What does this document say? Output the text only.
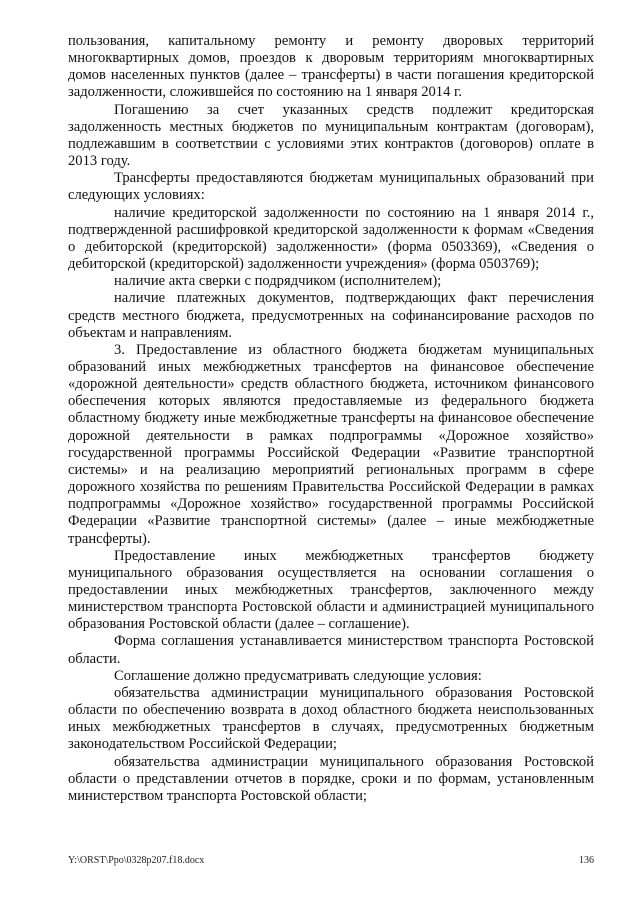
пользования, капитальному ремонту и ремонту дворовых территорий многоквартирных домов, проездов к дворовым территориям многоквартирных домов населенных пунктов (далее – трансферты) в части погашения кредиторской задолженности, сложившейся по состоянию на 1 января 2014 г.

Погашению за счет указанных средств подлежит кредиторская задолженность местных бюджетов по муниципальным контрактам (договорам), подлежавшим в соответствии с условиями этих контрактов (договоров) оплате в 2013 году.

Трансферты предоставляются бюджетам муниципальных образований при следующих условиях:

наличие кредиторской задолженности по состоянию на 1 января 2014 г., подтвержденной расшифровкой кредиторской задолженности к формам «Сведения о дебиторской (кредиторской) задолженности» (форма 0503369), «Сведения о дебиторской (кредиторской) задолженности учреждения» (форма 0503769);

наличие акта сверки с подрядчиком (исполнителем);

наличие платежных документов, подтверждающих факт перечисления средств местного бюджета, предусмотренных на софинансирование расходов по объектам и направлениям.

3. Предоставление из областного бюджета бюджетам муниципальных образований иных межбюджетных трансфертов на финансовое обеспечение «дорожной деятельности» средств областного бюджета, источником финансового обеспечения которых являются предоставляемые из федерального бюджета областному бюджету иные межбюджетные трансферты на финансовое обеспечение дорожной деятельности в рамках подпрограммы «Дорожное хозяйство» государственной программы Российской Федерации «Развитие транспортной системы» и на реализацию мероприятий региональных программ в сфере дорожного хозяйства по решениям Правительства Российской Федерации в рамках подпрограммы «Дорожное хозяйство» государственной программы Российской Федерации «Развитие транспортной системы» (далее – иные межбюджетные трансферты).

Предоставление иных межбюджетных трансфертов бюджету муниципального образования осуществляется на основании соглашения о предоставлении иных межбюджетных трансфертов, заключенного между министерством транспорта Ростовской области и администрацией муниципального образования Ростовской области (далее – соглашение).

Форма соглашения устанавливается министерством транспорта Ростовской области.

Соглашение должно предусматривать следующие условия:

обязательства администрации муниципального образования Ростовской области по обеспечению возврата в доход областного бюджета неиспользованных иных межбюджетных трансфертов в случаях, предусмотренных бюджетным законодательством Российской Федерации;

обязательства администрации муниципального образования Ростовской области о представлении отчетов в порядке, сроки и по формам, установленным министерством транспорта Ростовской области;

Y:\ORST\Ppo\0328p207.f18.docx	136
